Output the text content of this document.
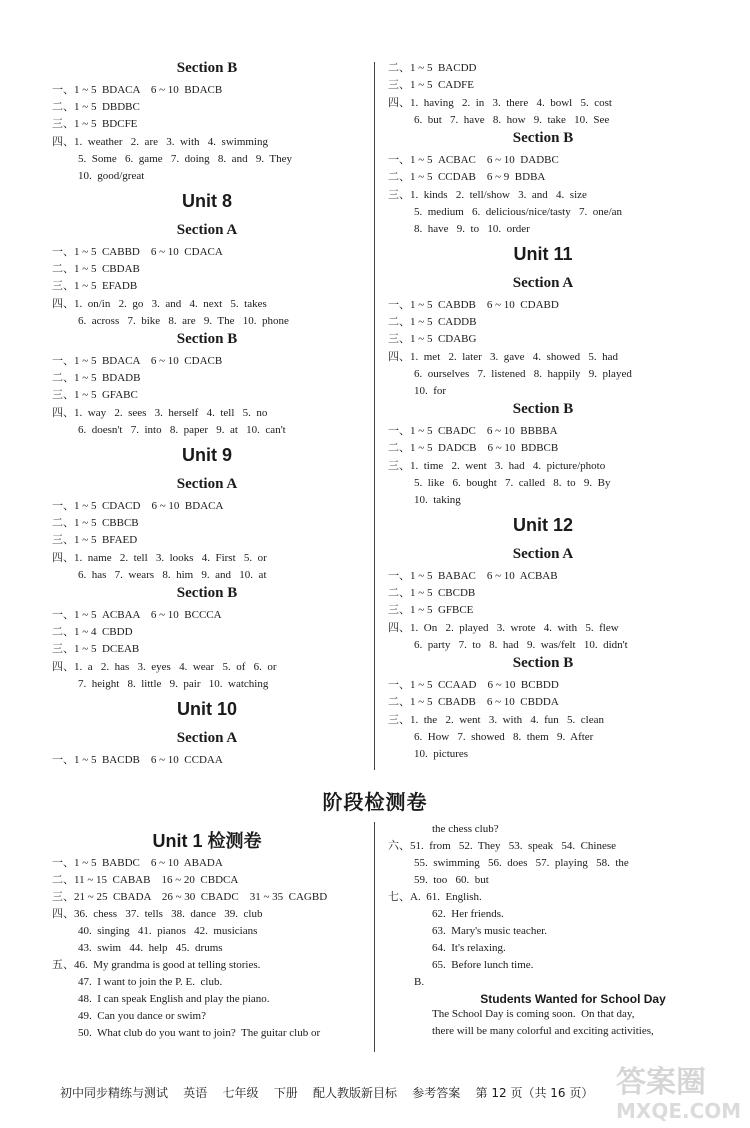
Section B
一、1 ~ 5  BDACA    6 ~ 10  BDACB
二、1 ~ 5  DBDBC
三、1 ~ 5  BDCFE
四、1.  weather   2.  are   3.  with   4.  swimming
5.  Some   6.  game   7.  doing   8.  and   9.  They
10.  good/great
Unit 8
Section A
一、1 ~ 5  CABBD    6 ~ 10  CDACA
二、1 ~ 5  CBDAB
三、1 ~ 5  EFADB
四、1.  on/in   2.  go   3.  and   4.  next   5.  takes
6.  across   7.  bike   8.  are   9.  The   10.  phone
Section B
一、1 ~ 5  BDACA    6 ~ 10  CDACB
二、1 ~ 5  BDADB
三、1 ~ 5  GFABC
四、1.  way   2.  sees   3.  herself   4.  tell   5.  no
6.  doesn't   7.  into   8.  paper   9.  at   10.  can't
Unit 9
Section A
一、1 ~ 5  CDACD    6 ~ 10  BDACA
二、1 ~ 5  CBBCB
三、1 ~ 5  BFAED
四、1.  name   2.  tell   3.  looks   4.  First   5.  or
6.  has   7.  wears   8.  him   9.  and   10.  at
Section B
一、1 ~ 5  ACBAA    6 ~ 10  BCCCA
二、1 ~ 4  CBDD
三、1 ~ 5  DCEAB
四、1.  a   2.  has   3.  eyes   4.  wear   5.  of   6.  or
7.  height   8.  little   9.  pair   10.  watching
Unit 10
Section A
一、1 ~ 5  BACDB    6 ~ 10  CCDAA
二、1 ~ 5  BACDD
三、1 ~ 5  CADFE
四、1.  having   2.  in   3.  there   4.  bowl   5.  cost
6.  but   7.  have   8.  how   9.  take   10.  See
Section B
一、1 ~ 5  ACBAC    6 ~ 10  DADBC
二、1 ~ 5  CCDAB    6 ~ 9  BDBA
三、1.  kinds   2.  tell/show   3.  and   4.  size
5.  medium   6.  delicious/nice/tasty   7.  one/an
8.  have   9.  to   10.  order
Unit 11
Section A
一、1 ~ 5  CABDB    6 ~ 10  CDABD
二、1 ~ 5  CADDB
三、1 ~ 5  CDABG
四、1.  met   2.  later   3.  gave   4.  showed   5.  had
6.  ourselves   7.  listened   8.  happily   9.  played
10.  for
Section B
一、1 ~ 5  CBADC    6 ~ 10  BBBBA
二、1 ~ 5  DADCB    6 ~ 10  BDBCB
三、1.  time   2.  went   3.  had   4.  picture/photo
5.  like   6.  bought   7.  called   8.  to   9.  By
10.  taking
Unit 12
Section A
一、1 ~ 5  BABAC    6 ~ 10  ACBAB
二、1 ~ 5  CBCDB
三、1 ~ 5  GFBCE
四、1.  On   2.  played   3.  wrote   4.  with   5.  flew
6.  party   7.  to   8.  had   9.  was/felt   10.  didn't
Section B
一、1 ~ 5  CCAAD    6 ~ 10  BCBDD
二、1 ~ 5  CBADB    6 ~ 10  CBDDA
三、1.  the   2.  went   3.  with   4.  fun   5.  clean
6.  How   7.  showed   8.  them   9.  After
10.  pictures
阶段检测卷
Unit 1 检测卷
一、1 ~ 5  BABDC    6 ~ 10  ABADA
二、11 ~ 15  CABAB    16 ~ 20  CBDCA
三、21 ~ 25  CBADA    26 ~ 30  CBADC    31 ~ 35  CAGBD
四、36.  chess   37.  tells   38.  dance   39.  club
40.  singing   41.  pianos   42.  musicians
43.  swim   44.  help   45.  drums
五、46.  My grandma is good at telling stories.
47.  I want to join the P. E.  club.
48.  I can speak English and play the piano.
49.  Can you dance or swim?
50.  What club do you want to join?  The guitar club or
the chess club?
六、51.  from   52.  They   53.  speak   54.  Chinese
55.  swimming   56.  does   57.  playing   58.  the
59.  too   60.  but
七、A.  61.  English.
62.  Her friends.
63.  Mary's music teacher.
64.  It's relaxing.
65.  Before lunch time.
B.
Students Wanted for School Day
The School Day is coming soon.  On that day,
there will be many colorful and exciting activities,
初中同步精练与测试    英语    七年级    下册    配人教版新目标    参考答案    第 12 页（共 16 页） 答案圈
MXQE.COM
